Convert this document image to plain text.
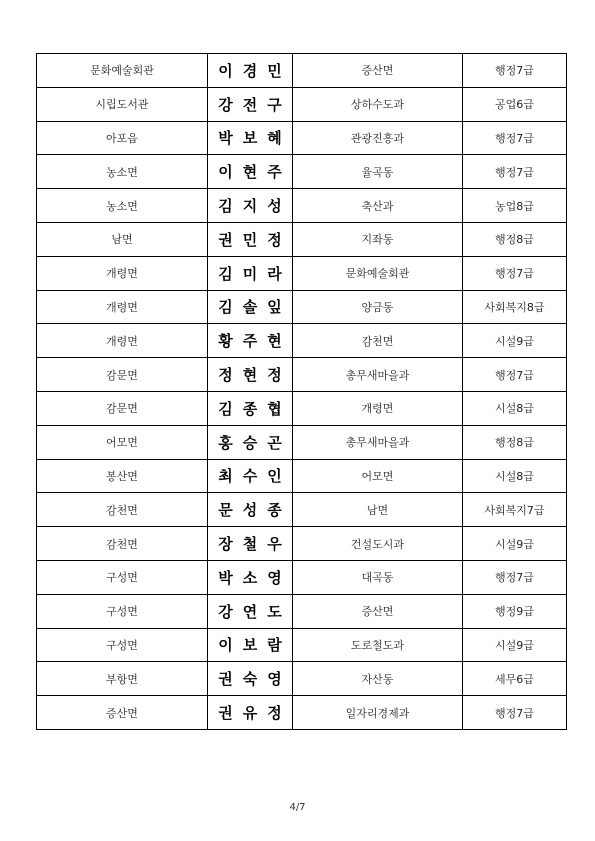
문화예술회관	이경민	증산면	행정7급
시립도서관	강전구	상하수도과	공업6급
아포읍	박보혜	관광진흥과	행정7급
농소면	이현주	율곡동	행정7급
농소면	김지성	축산과	농업8급
남면	권민정	지좌동	행정8급
개령면	김미라	문화예술회관	행정7급
개령면	김솔잎	양금동	사회복지8급
개령면	황주현	감천면	시설9급
감문면	정현정	총무새마을과	행정7급
감문면	김종협	개령면	시설8급
어모면	홍승곤	총무새마을과	행정8급
봉산면	최수인	어모면	시설8급
감천면	문성종	남면	사회복지7급
감천면	장철우	건설도시과	시설9급
구성면	박소영	대곡동	행정7급
구성면	강연도	증산면	행정9급
구성면	이보람	도로철도과	시설9급
부항면	권숙영	자산동	세무6급
증산면	권유정	일자리경제과	행정7급
4/7
